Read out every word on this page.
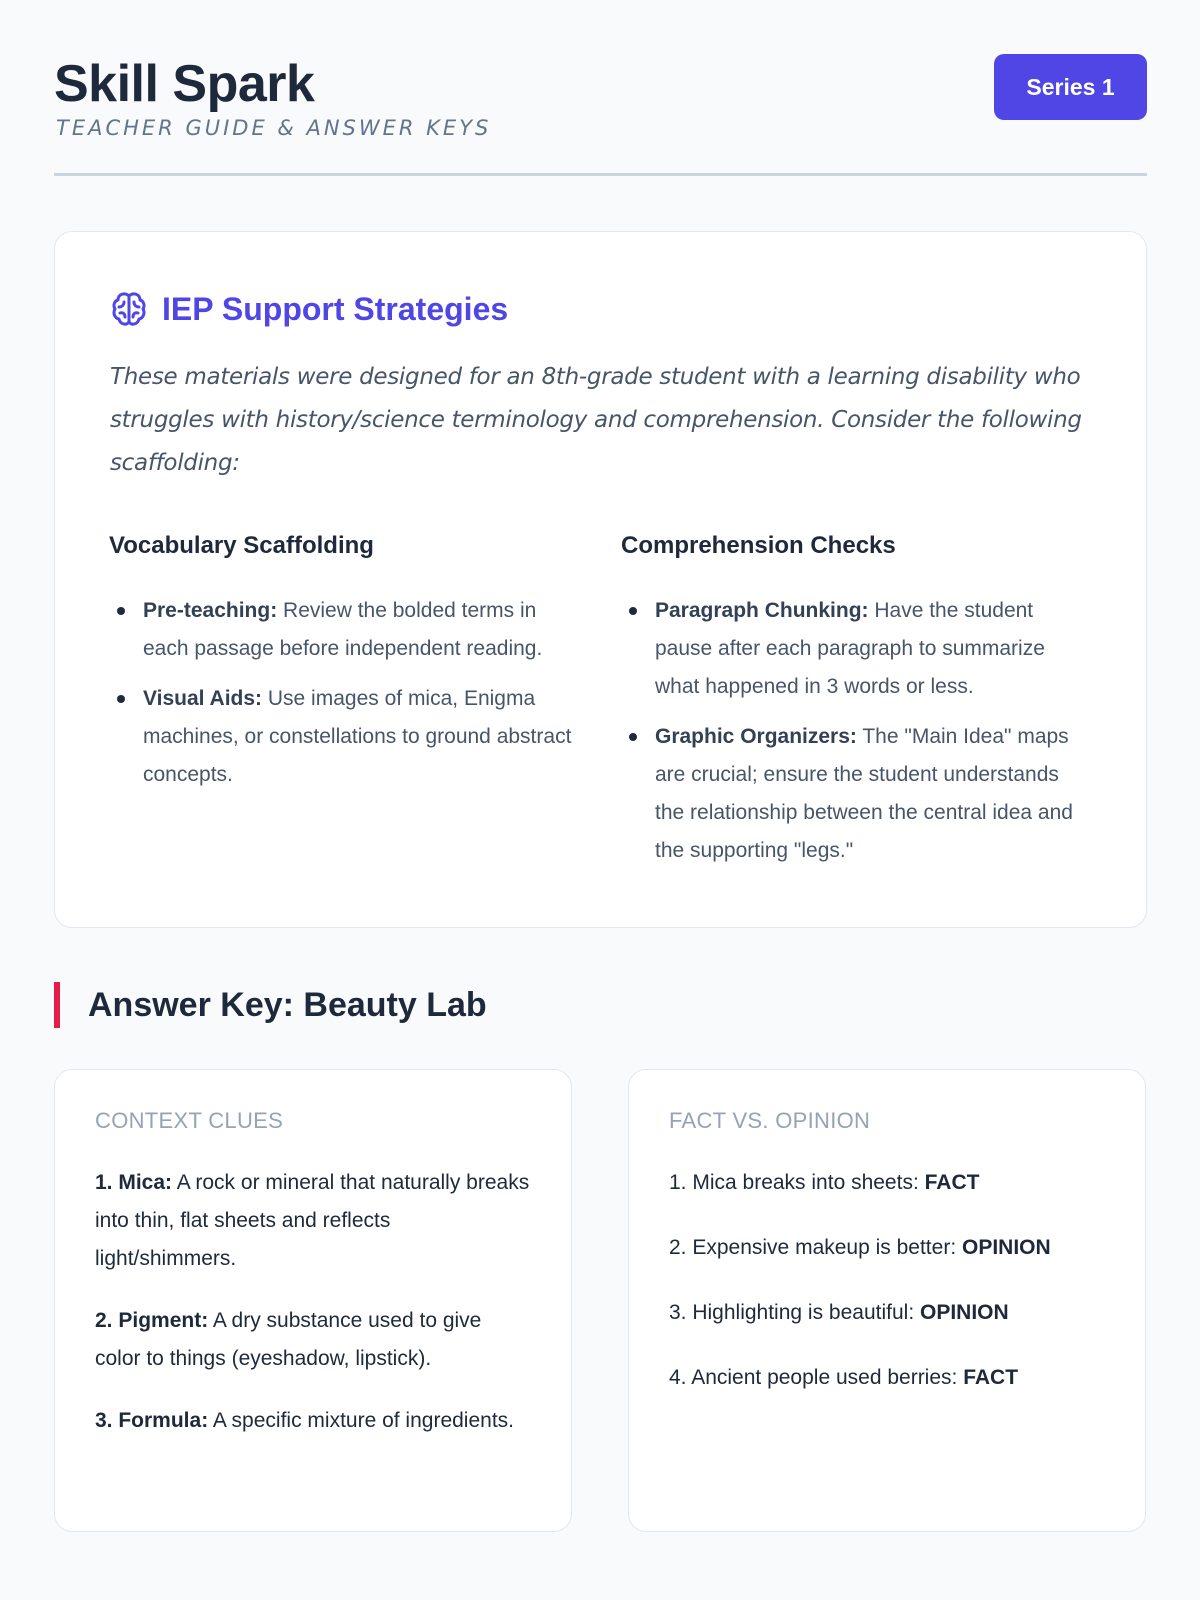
Skill Spark
TEACHER GUIDE & ANSWER KEYS
Series 1
IEP Support Strategies
These materials were designed for an 8th-grade student with a learning disability who struggles with history/science terminology and comprehension. Consider the following scaffolding:
Vocabulary Scaffolding
Pre-teaching: Review the bolded terms in each passage before independent reading.
Visual Aids: Use images of mica, Enigma machines, or constellations to ground abstract concepts.
Comprehension Checks
Paragraph Chunking: Have the student pause after each paragraph to summarize what happened in 3 words or less.
Graphic Organizers: The "Main Idea" maps are crucial; ensure the student understands the relationship between the central idea and the supporting "legs."
Answer Key: Beauty Lab
CONTEXT CLUES
1. Mica: A rock or mineral that naturally breaks into thin, flat sheets and reflects light/shimmers.
2. Pigment: A dry substance used to give color to things (eyeshadow, lipstick).
3. Formula: A specific mixture of ingredients.
FACT VS. OPINION
1. Mica breaks into sheets: FACT
2. Expensive makeup is better: OPINION
3. Highlighting is beautiful: OPINION
4. Ancient people used berries: FACT
